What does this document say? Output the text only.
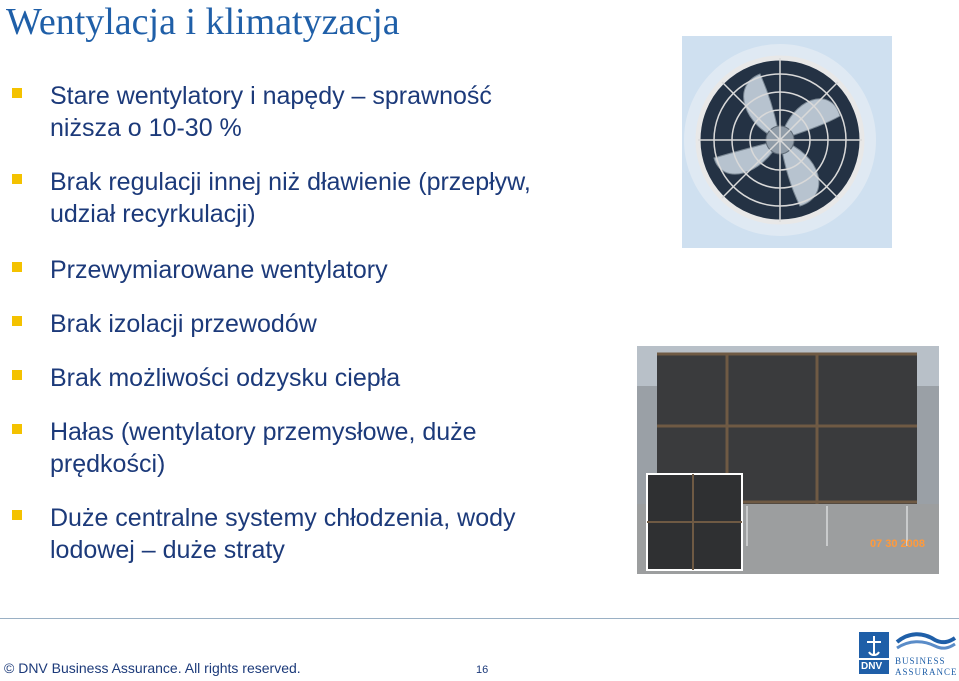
Wentylacja i klimatyzacja
Stare wentylatory i napędy – sprawność
niższa o 10-30 %
Brak regulacji innej niż dławienie (przepływ,
udział recyrkulacji)
Przewymiarowane wentylatory
Brak izolacji przewodów
Brak możliwości odzysku ciepła
Hałas (wentylatory przemysłowe, duże
prędkości)
Duże centralne systemy chłodzenia, wody
lodowej – duże straty	07 30 2008
© DNV Business Assurance. All rights reserved.	16	DNV BUSINESS
ASSURANCE
